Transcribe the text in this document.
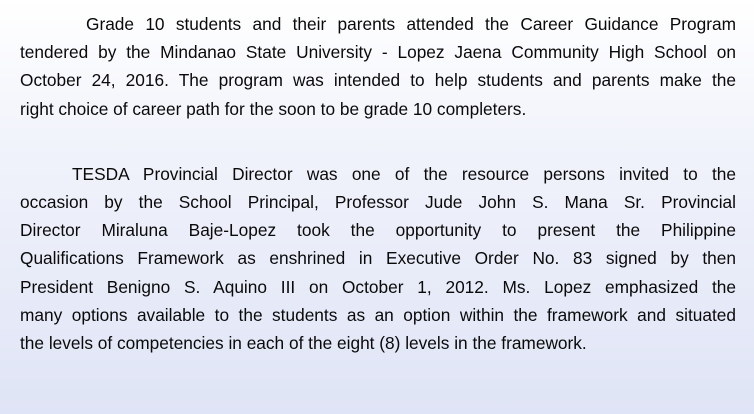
Grade 10 students and their parents attended the Career Guidance Program
tendered by the Mindanao State University - Lopez Jaena Community High School on
October 24, 2016. The program was intended to help students and parents make the
right choice of career path for the soon to be grade 10 completers.
TESDA Provincial Director was one of the resource persons invited to the
occasion by the School Principal, Professor Jude John S. Mana Sr. Provincial
Director Miraluna Baje-Lopez took the opportunity to present the Philippine
Qualifications Framework as enshrined in Executive Order No. 83 signed by then
President Benigno S. Aquino III on October 1, 2012. Ms. Lopez emphasized the
many options available to the students as an option within the framework and situated
the levels of competencies in each of the eight (8) levels in the framework.
